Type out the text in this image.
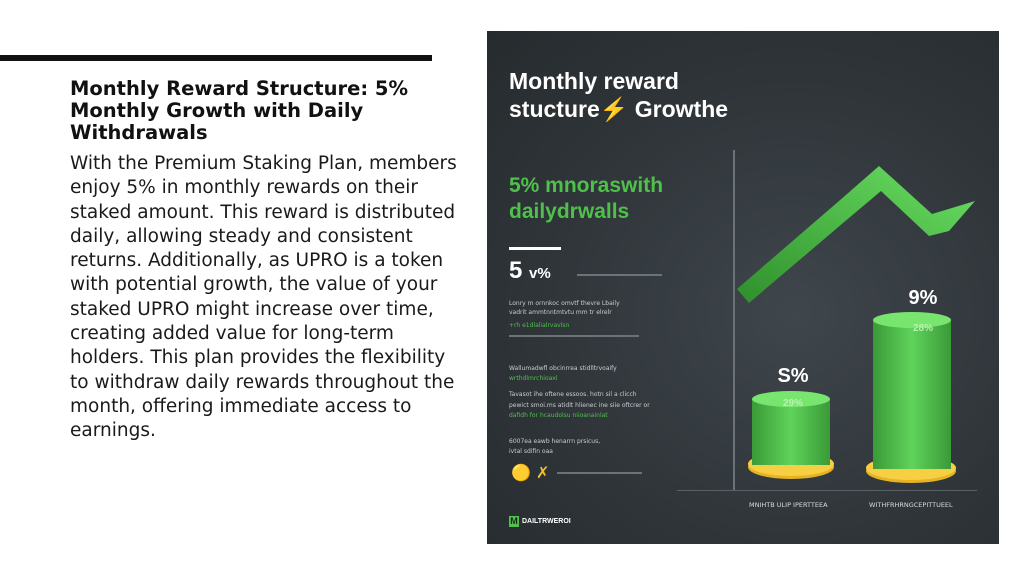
Monthly Reward Structure: 5% Monthly Growth with Daily Withdrawals

With the Premium Staking Plan, members enjoy 5% in monthly rewards on their staked amount. This reward is distributed daily, allowing steady and consistent returns. Additionally, as UPRO is a token with potential growth, the value of your staked UPRO might increase over time, creating added value for long-term holders. This plan provides the flexibility to withdraw daily rewards throughout the month, offering immediate access to earnings.

Monthly reward
stucture⚡ Growthe
5% mnoraswith
dailydrwalls
5 v%
Lonry m ornnkoc omvtf thevre Lbaily
vadrit ammtnntmtvtu mm tr elrelr
+rh e1dlalialrvavlsn
Wallumadwfl obcinrrea stidlltrvoaify
wrthdlmrchioaxl
Tavasot ihe oftene essoos. hotn sil a clicch
pewict smoi.ms atidlt hlienec ine siie oftcrer or
dafidh for hcaudolsu niioanainlat
6007ea eawb henarrn prsicus,
ivtal sdifin oaa
🟡 ✗
S%
29%
9%
28%
MNIHTB ULIP IPERTTEEA	WITHFRHRNGCEPITTUEEL
M DAILTRWEROI
